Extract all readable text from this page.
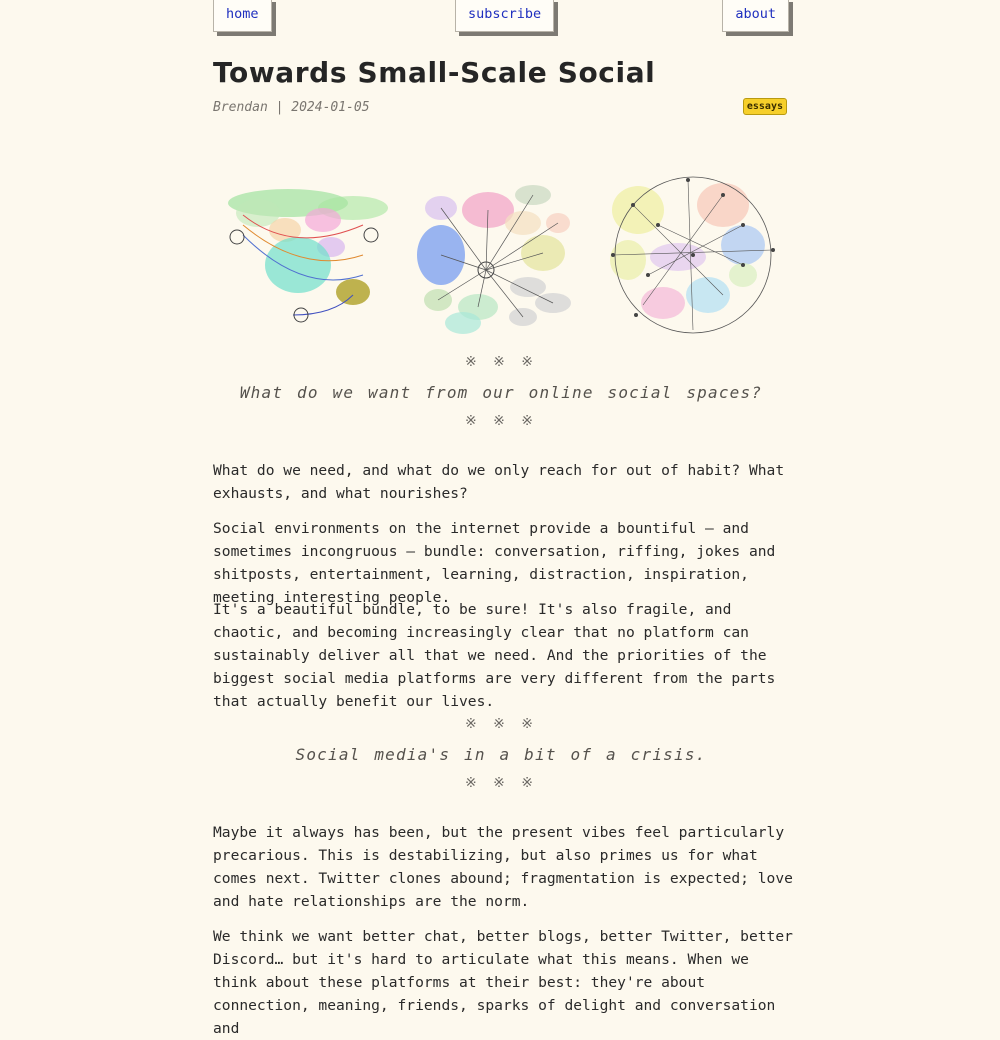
home	subscribe	about
Towards Small-Scale Social
Brendan | 2024-01-05	essays
※ ※ ※
What do we want from our online social spaces?
※ ※ ※

What do we need, and what do we only reach for out of habit? What exhausts, and what nourishes?

Social environments on the internet provide a bountiful — and sometimes incongruous — bundle: conversation, riffing, jokes and shitposts, entertainment, learning, distraction, inspiration, meeting interesting people.

It's a beautiful bundle, to be sure! It's also fragile, and chaotic, and becoming increasingly clear that no platform can sustainably deliver all that we need. And the priorities of the biggest social media platforms are very different from the parts that actually benefit our lives.

※ ※ ※
Social media's in a bit of a crisis.
※ ※ ※

Maybe it always has been, but the present vibes feel particularly precarious. This is destabilizing, but also primes us for what comes next. Twitter clones abound; fragmentation is expected; love and hate relationships are the norm.

We think we want better chat, better blogs, better Twitter, better Discord… but it's hard to articulate what this means. When we think about these platforms at their best: they're about connection, meaning, friends, sparks of delight and conversation and
